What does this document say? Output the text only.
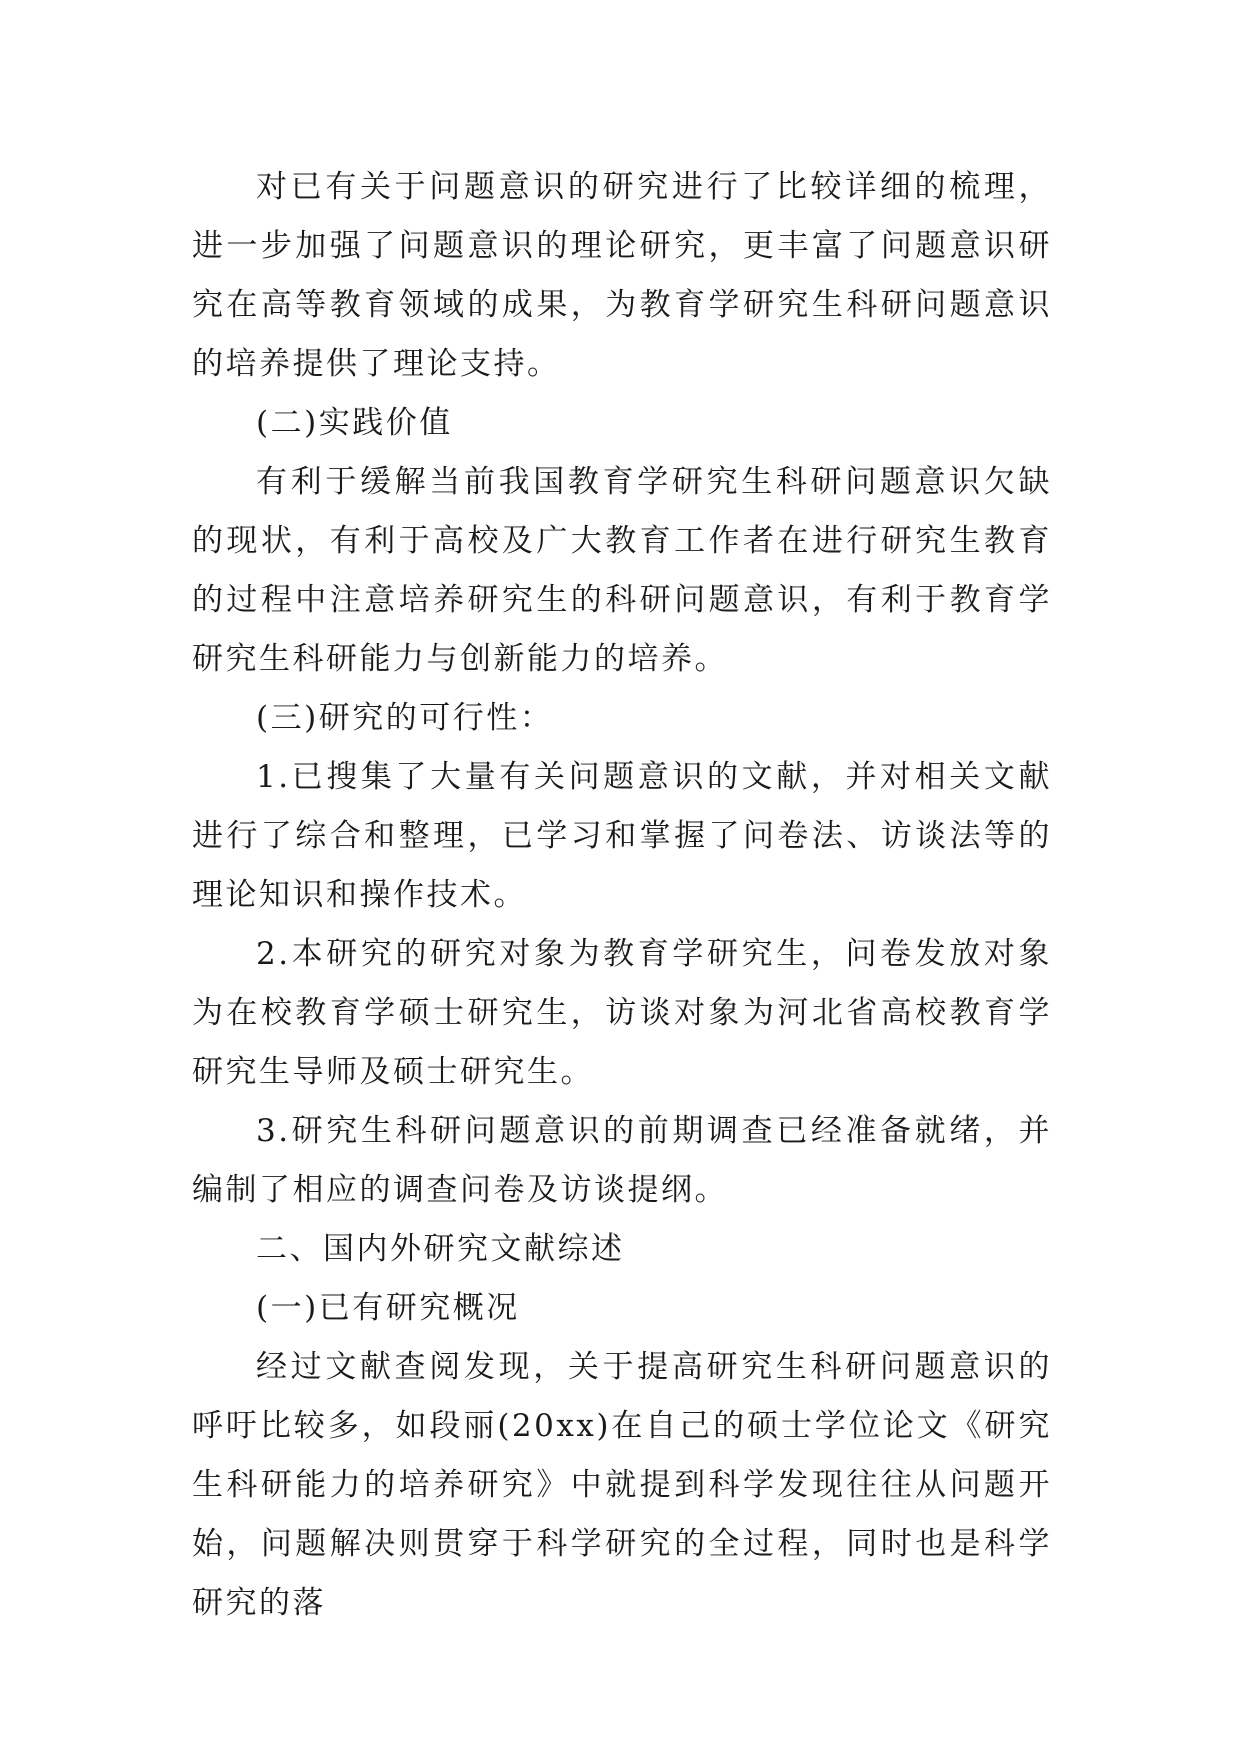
对已有关于问题意识的研究进行了比较详细的梳理，进一步加强了问题意识的理论研究，更丰富了问题意识研究在高等教育领域的成果，为教育学研究生科研问题意识的培养提供了理论支持。

(二)实践价值

有利于缓解当前我国教育学研究生科研问题意识欠缺的现状，有利于高校及广大教育工作者在进行研究生教育的过程中注意培养研究生的科研问题意识，有利于教育学研究生科研能力与创新能力的培养。

(三)研究的可行性：

1.已搜集了大量有关问题意识的文献，并对相关文献进行了综合和整理，已学习和掌握了问卷法、访谈法等的理论知识和操作技术。

2.本研究的研究对象为教育学研究生，问卷发放对象为在校教育学硕士研究生，访谈对象为河北省高校教育学研究生导师及硕士研究生。

3.研究生科研问题意识的前期调查已经准备就绪，并编制了相应的调查问卷及访谈提纲。

二、国内外研究文献综述

(一)已有研究概况

经过文献查阅发现，关于提高研究生科研问题意识的呼吁比较多，如段丽(20xx)在自己的硕士学位论文《研究生科研能力的培养研究》中就提到科学发现往往从问题开始，问题解决则贯穿于科学研究的全过程，同时也是科学研究的落
